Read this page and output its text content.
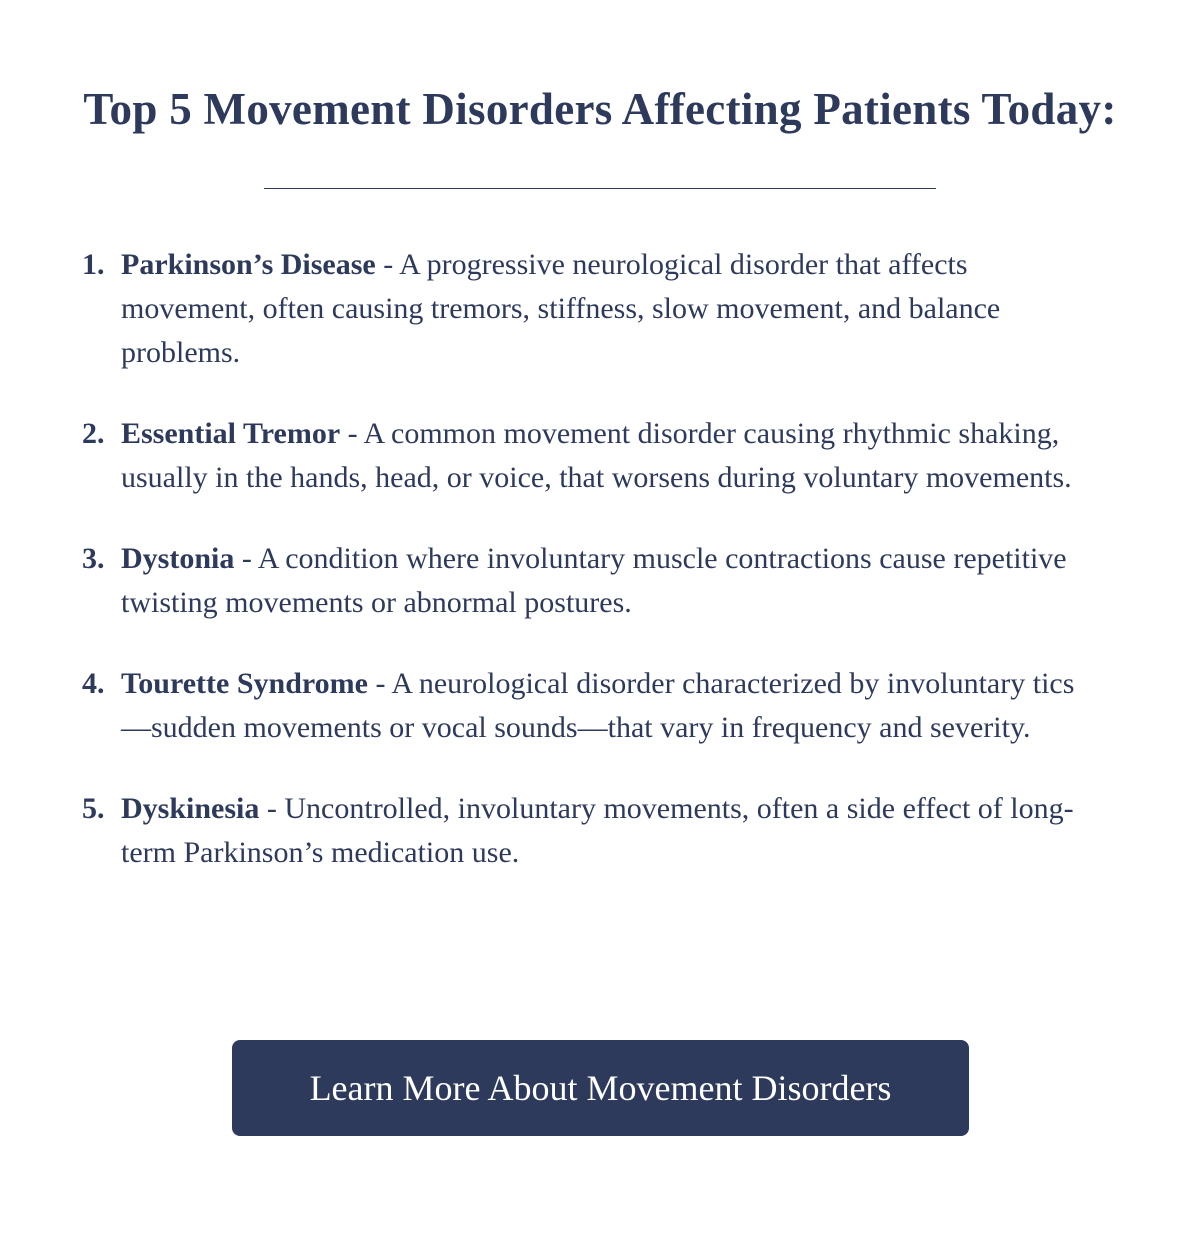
Top 5 Movement Disorders Affecting Patients Today:
1. Parkinson’s Disease - A progressive neurological disorder that affects movement, often causing tremors, stiffness, slow movement, and balance problems.
2. Essential Tremor - A common movement disorder causing rhythmic shaking, usually in the hands, head, or voice, that worsens during voluntary movements.
3. Dystonia - A condition where involuntary muscle contractions cause repetitive twisting movements or abnormal postures.
4. Tourette Syndrome - A neurological disorder characterized by involuntary tics—sudden movements or vocal sounds—that vary in frequency and severity.
5. Dyskinesia - Uncontrolled, involuntary movements, often a side effect of long-term Parkinson’s medication use.
Learn More About Movement Disorders
